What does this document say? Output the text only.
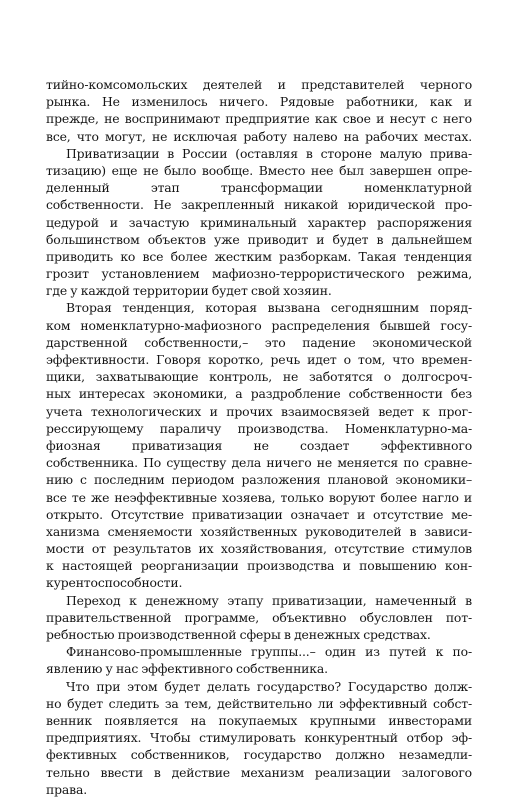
тийно-комсомольских деятелей и представителей черного
рынка. Не изменилось ничего. Рядовые работники, как и
прежде, не воспринимают предприятие как свое и несут с него
все, что могут, не исключая работу налево на рабочих местах.

Приватизации в России (оставляя в стороне малую прива-
тизацию) еще не было вообще. Вместо нее был завершен опре-
деленный этап трансформации номенклатурной
собственности. Не закрепленный никакой юридической про-
цедурой и зачастую криминальный характер распоряжения
большинством объектов уже приводит и будет в дальнейшем
приводить ко все более жестким разборкам. Такая тенденция
грозит установлением мафиозно-террористического режима,
где у каждой территории будет свой хозяин.

Вторая тенденция, которая вызвана сегодняшним поряд-
ком номенклатурно-мафиозного распределения бывшей госу-
дарственной собственности,– это падение экономической
эффективности. Говоря коротко, речь идет о том, что времен-
щики, захватывающие контроль, не заботятся о долгосроч-
ных интересах экономики, а раздробление собственности без
учета технологических и прочих взаимосвязей ведет к прог-
рессирующему параличу производства. Номенклатурно-ма-
фиозная приватизация не создает эффективного
собственника. По существу дела ничего не меняется по сравне-
нию с последним периодом разложения плановой экономики–
все те же неэффективные хозяева, только воруют более нагло и
открыто. Отсутствие приватизации означает и отсутствие ме-
ханизма сменяемости хозяйственных руководителей в зависи-
мости от результатов их хозяйствования, отсутствие стимулов
к настоящей реорганизации производства и повышению кон-
курентоспособности.

Переход к денежному этапу приватизации, намеченный в
правительственной программе, объективно обусловлен пот-
ребностью производственной сферы в денежных средствах.

Финансово-промышленные группы...– один из путей к по-
явлению у нас эффективного собственника.

Что при этом будет делать государство? Государство долж-
но будет следить за тем, действительно ли эффективный собст-
венник появляется на покупаемых крупными инвесторами
предприятиях. Чтобы стимулировать конкурентный отбор эф-
фективных собственников, государство должно незамедли-
тельно ввести в действие механизм реализации залогового
права.
